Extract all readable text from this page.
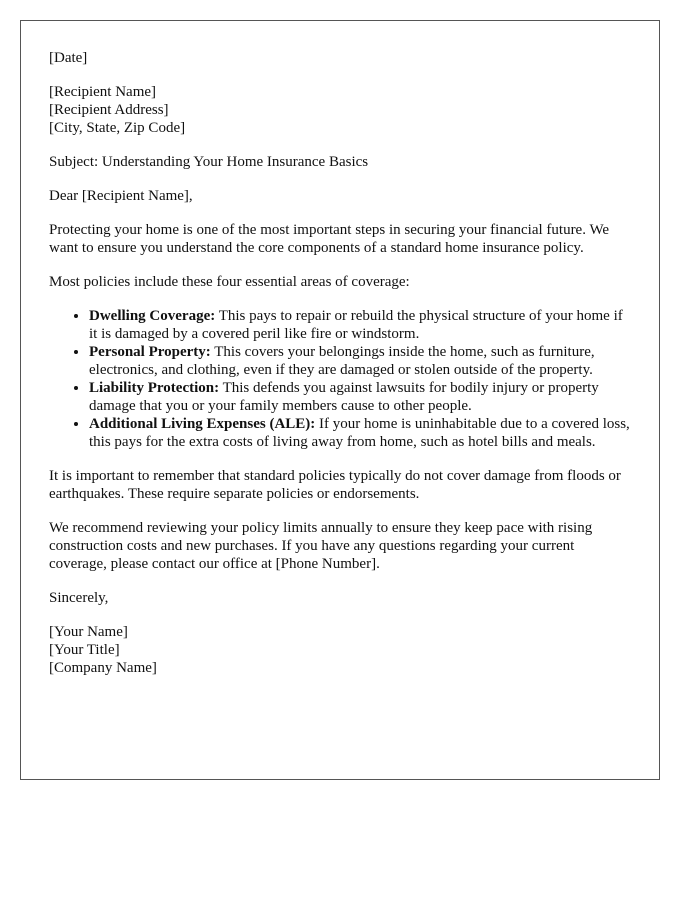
[Date]

[Recipient Name]
[Recipient Address]
[City, State, Zip Code]

Subject: Understanding Your Home Insurance Basics

Dear [Recipient Name],

Protecting your home is one of the most important steps in securing your financial future. We want to ensure you understand the core components of a standard home insurance policy.

Most policies include these four essential areas of coverage:

• Dwelling Coverage: This pays to repair or rebuild the physical structure of your home if it is damaged by a covered peril like fire or windstorm.
• Personal Property: This covers your belongings inside the home, such as furniture, electronics, and clothing, even if they are damaged or stolen outside of the property.
• Liability Protection: This defends you against lawsuits for bodily injury or property damage that you or your family members cause to other people.
• Additional Living Expenses (ALE): If your home is uninhabitable due to a covered loss, this pays for the extra costs of living away from home, such as hotel bills and meals.

It is important to remember that standard policies typically do not cover damage from floods or earthquakes. These require separate policies or endorsements.

We recommend reviewing your policy limits annually to ensure they keep pace with rising construction costs and new purchases. If you have any questions regarding your current coverage, please contact our office at [Phone Number].

Sincerely,

[Your Name]
[Your Title]
[Company Name]
